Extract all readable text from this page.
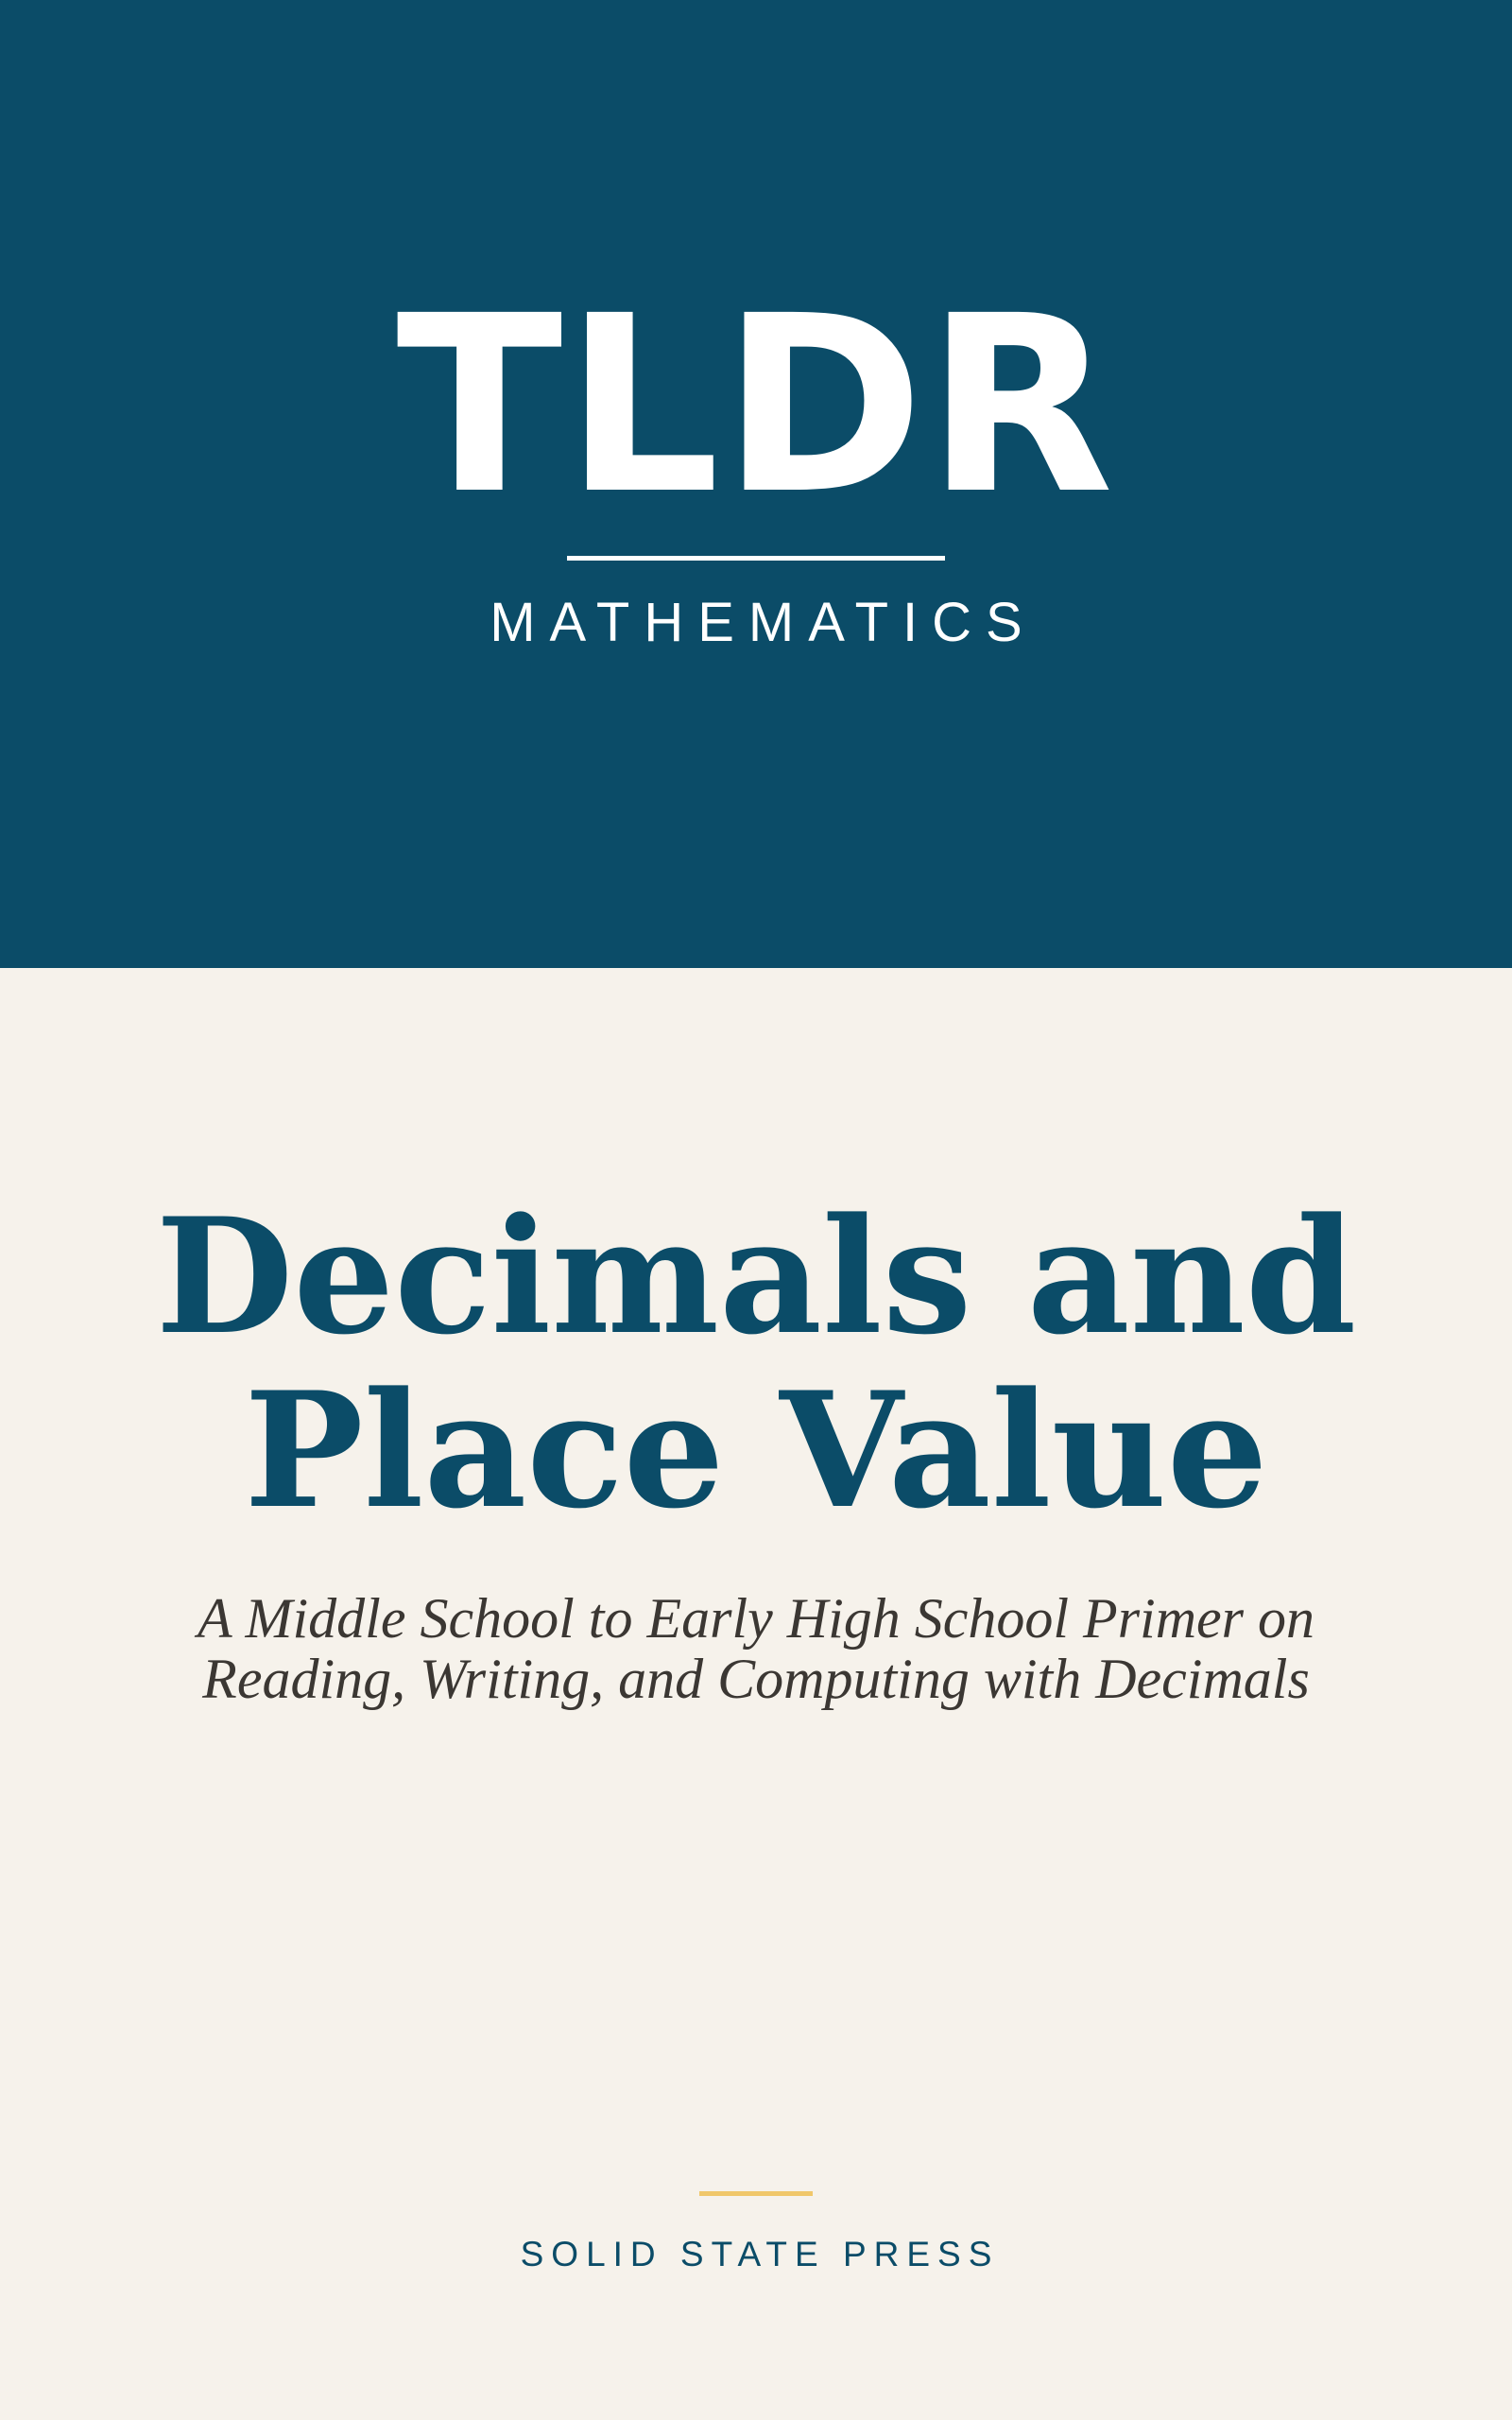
TLDR
MATHEMATICS
Decimals and
Place Value
A Middle School to Early High School Primer on
Reading, Writing, and Computing with Decimals
SOLID STATE PRESS
